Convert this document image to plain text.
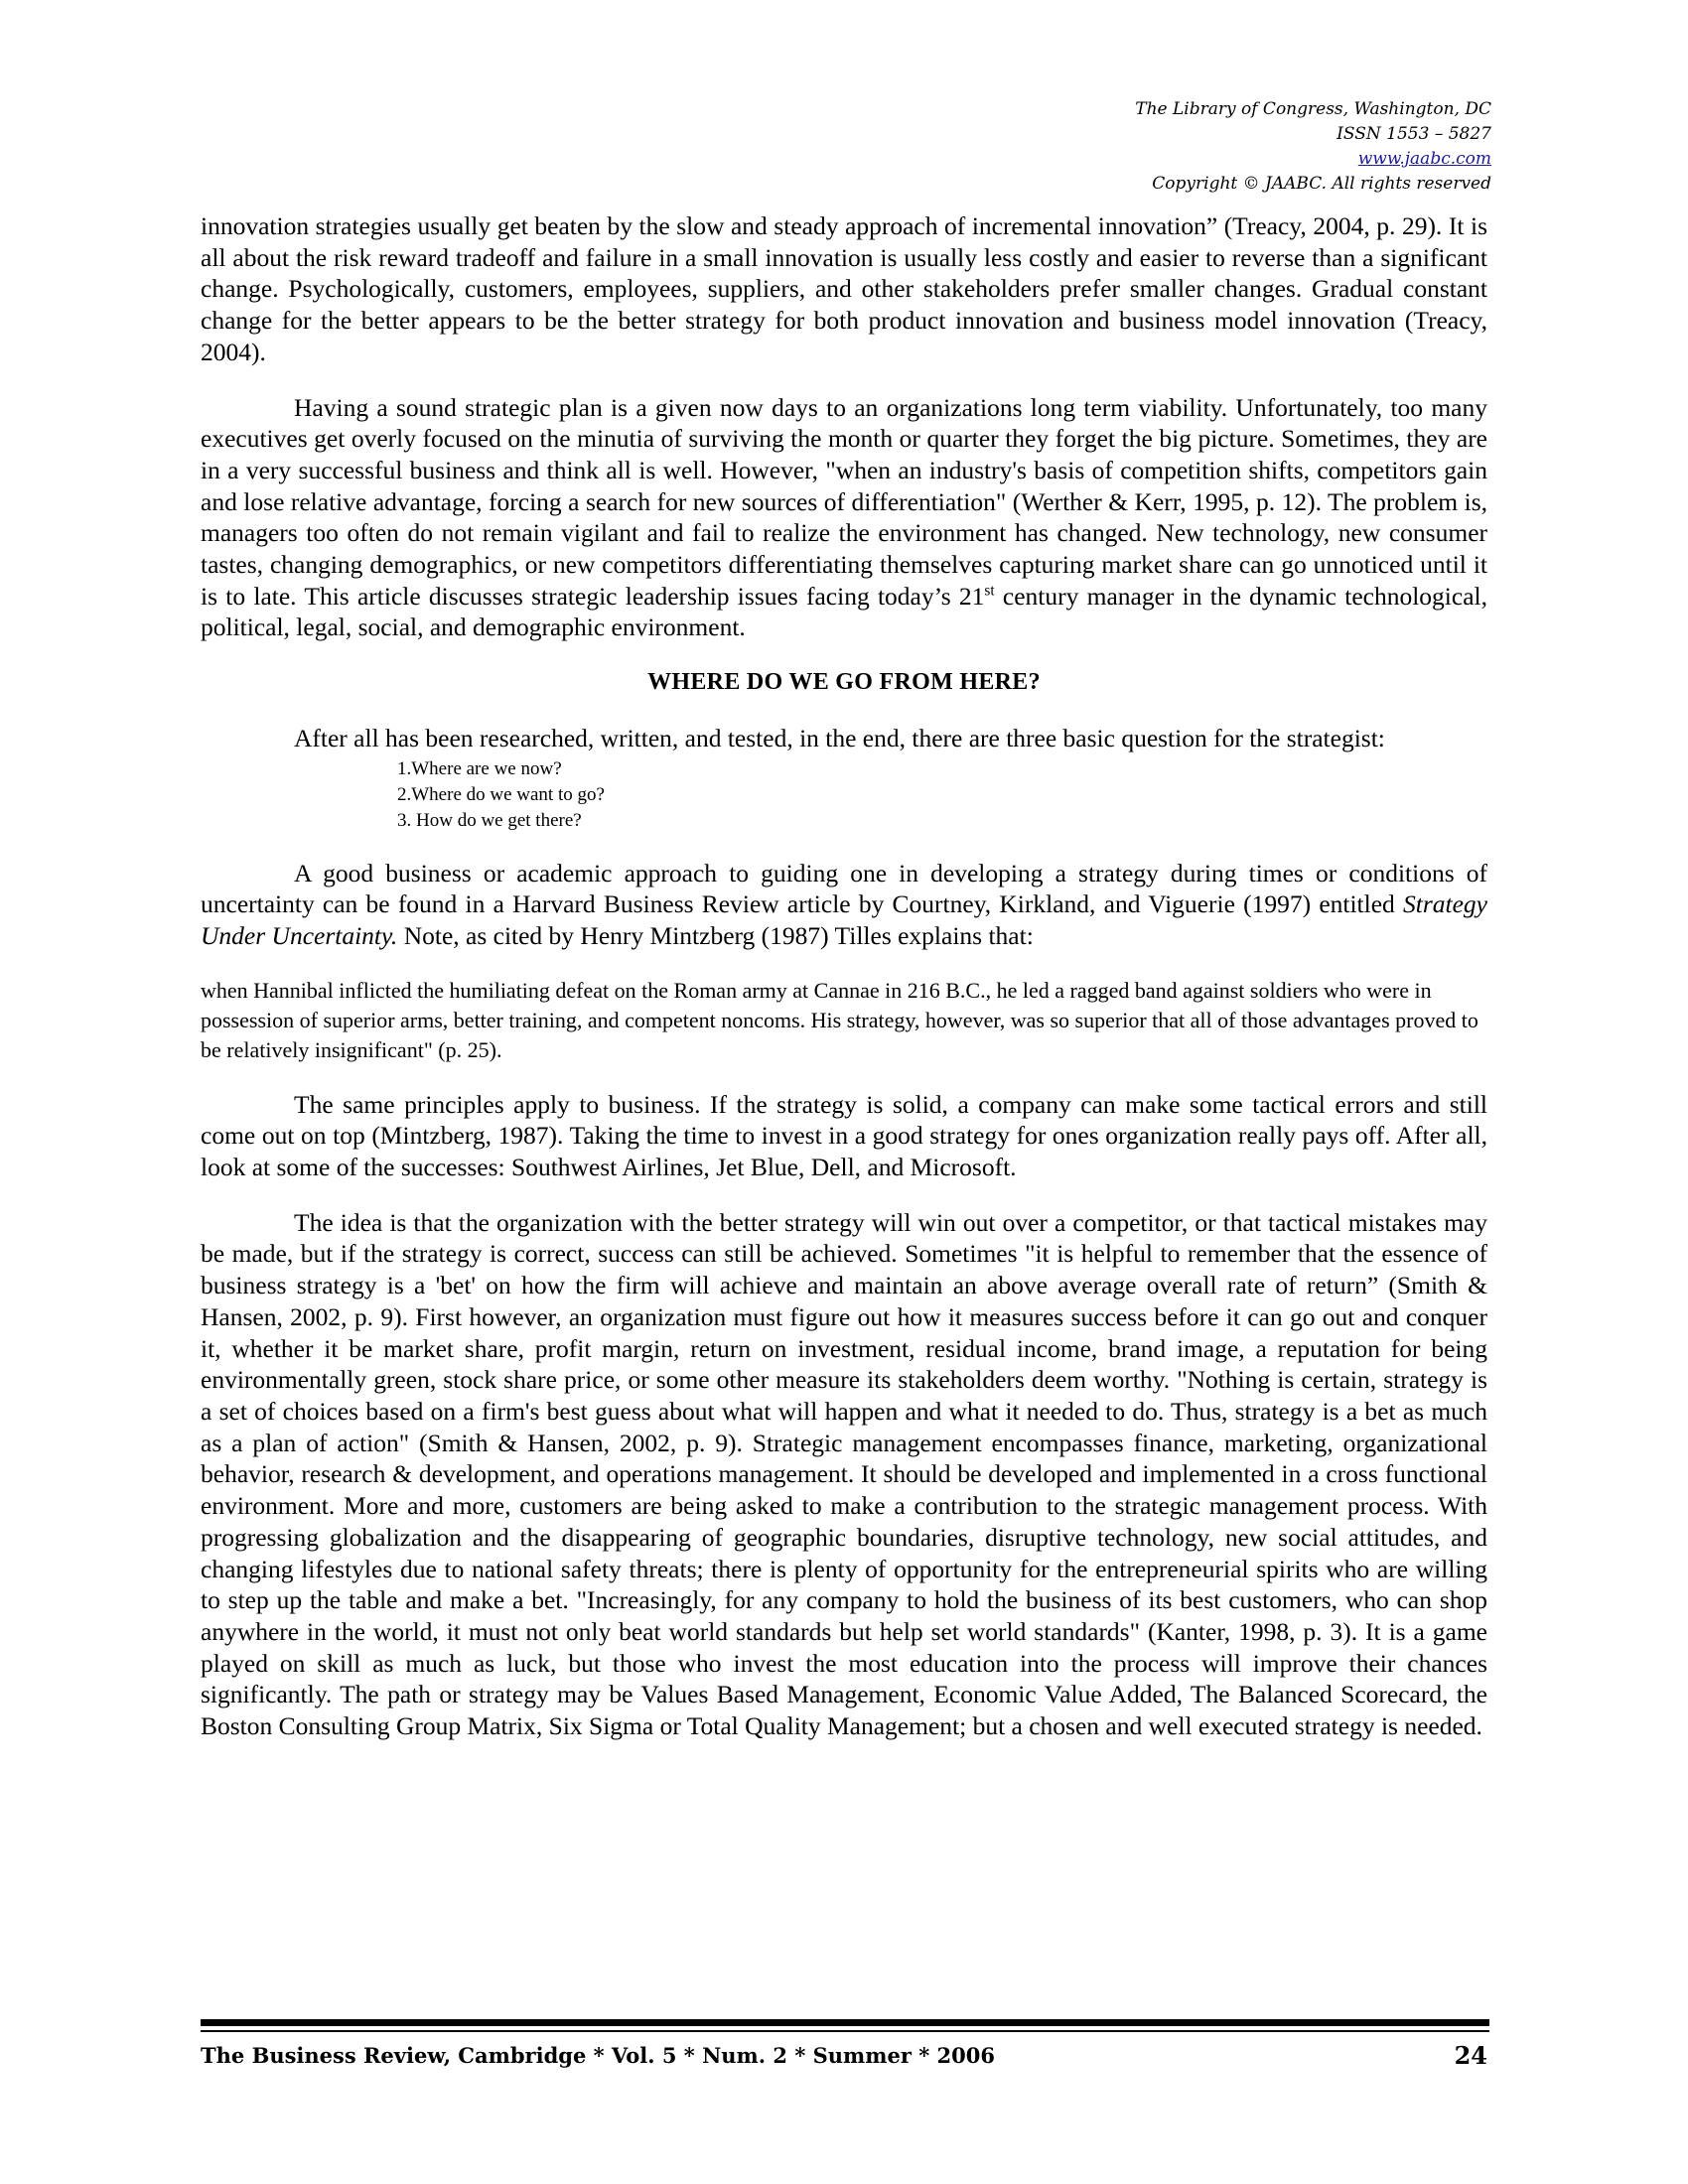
The Library of Congress, Washington, DC
ISSN 1553 – 5827
www.jaabc.com
Copyright © JAABC. All rights reserved

innovation strategies usually get beaten by the slow and steady approach of incremental innovation” (Treacy, 2004, p. 29). It is all about the risk reward tradeoff and failure in a small innovation is usually less costly and easier to reverse than a significant change. Psychologically, customers, employees, suppliers, and other stakeholders prefer smaller changes. Gradual constant change for the better appears to be the better strategy for both product innovation and business model innovation (Treacy, 2004).

Having a sound strategic plan is a given now days to an organizations long term viability. Unfortunately, too many executives get overly focused on the minutia of surviving the month or quarter they forget the big picture. Sometimes, they are in a very successful business and think all is well. However, "when an industry's basis of competition shifts, competitors gain and lose relative advantage, forcing a search for new sources of differentiation" (Werther & Kerr, 1995, p. 12). The problem is, managers too often do not remain vigilant and fail to realize the environment has changed. New technology, new consumer tastes, changing demographics, or new competitors differentiating themselves capturing market share can go unnoticed until it is to late. This article discusses strategic leadership issues facing today’s 21st century manager in the dynamic technological, political, legal, social, and demographic environment.

WHERE DO WE GO FROM HERE?

After all has been researched, written, and tested, in the end, there are three basic question for the strategist:

1.Where are we now?
2.Where do we want to go?
3. How do we get there?

A good business or academic approach to guiding one in developing a strategy during times or conditions of uncertainty can be found in a Harvard Business Review article by Courtney, Kirkland, and Viguerie (1997) entitled Strategy Under Uncertainty. Note, as cited by Henry Mintzberg (1987) Tilles explains that:

when Hannibal inflicted the humiliating defeat on the Roman army at Cannae in 216 B.C., he led a ragged band against soldiers who were in possession of superior arms, better training, and competent noncoms. His strategy, however, was so superior that all of those advantages proved to be relatively insignificant" (p. 25).

The same principles apply to business. If the strategy is solid, a company can make some tactical errors and still come out on top (Mintzberg, 1987). Taking the time to invest in a good strategy for ones organization really pays off. After all, look at some of the successes: Southwest Airlines, Jet Blue, Dell, and Microsoft.

The idea is that the organization with the better strategy will win out over a competitor, or that tactical mistakes may be made, but if the strategy is correct, success can still be achieved. Sometimes "it is helpful to remember that the essence of business strategy is a 'bet' on how the firm will achieve and maintain an above average overall rate of return” (Smith & Hansen, 2002, p. 9). First however, an organization must figure out how it measures success before it can go out and conquer it, whether it be market share, profit margin, return on investment, residual income, brand image, a reputation for being environmentally green, stock share price, or some other measure its stakeholders deem worthy. "Nothing is certain, strategy is a set of choices based on a firm's best guess about what will happen and what it needed to do. Thus, strategy is a bet as much as a plan of action" (Smith & Hansen, 2002, p. 9). Strategic management encompasses finance, marketing, organizational behavior, research & development, and operations management. It should be developed and implemented in a cross functional environment. More and more, customers are being asked to make a contribution to the strategic management process. With progressing globalization and the disappearing of geographic boundaries, disruptive technology, new social attitudes, and changing lifestyles due to national safety threats; there is plenty of opportunity for the entrepreneurial spirits who are willing to step up the table and make a bet. "Increasingly, for any company to hold the business of its best customers, who can shop anywhere in the world, it must not only beat world standards but help set world standards" (Kanter, 1998, p. 3). It is a game played on skill as much as luck, but those who invest the most education into the process will improve their chances significantly. The path or strategy may be Values Based Management, Economic Value Added, The Balanced Scorecard, the Boston Consulting Group Matrix, Six Sigma or Total Quality Management; but a chosen and well executed strategy is needed.

The Business Review, Cambridge * Vol. 5 * Num. 2 * Summer * 2006	24
